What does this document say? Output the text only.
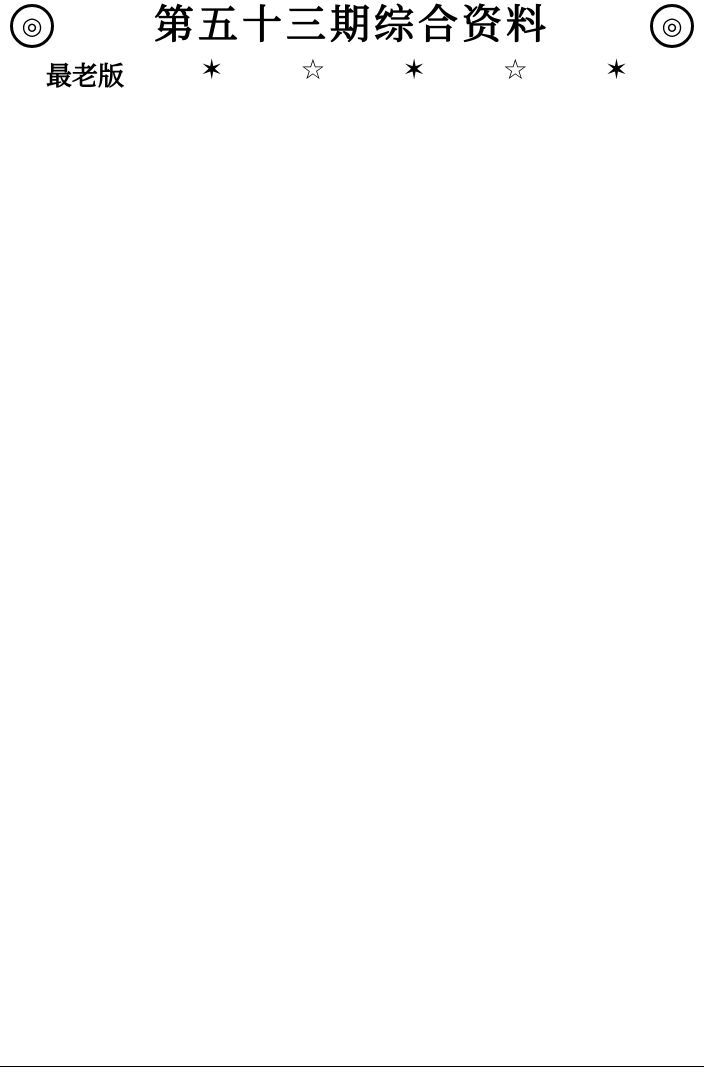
◎	第五十三期综合资料	◎
最老版	✶ ☆ ✶ ☆ ✶
